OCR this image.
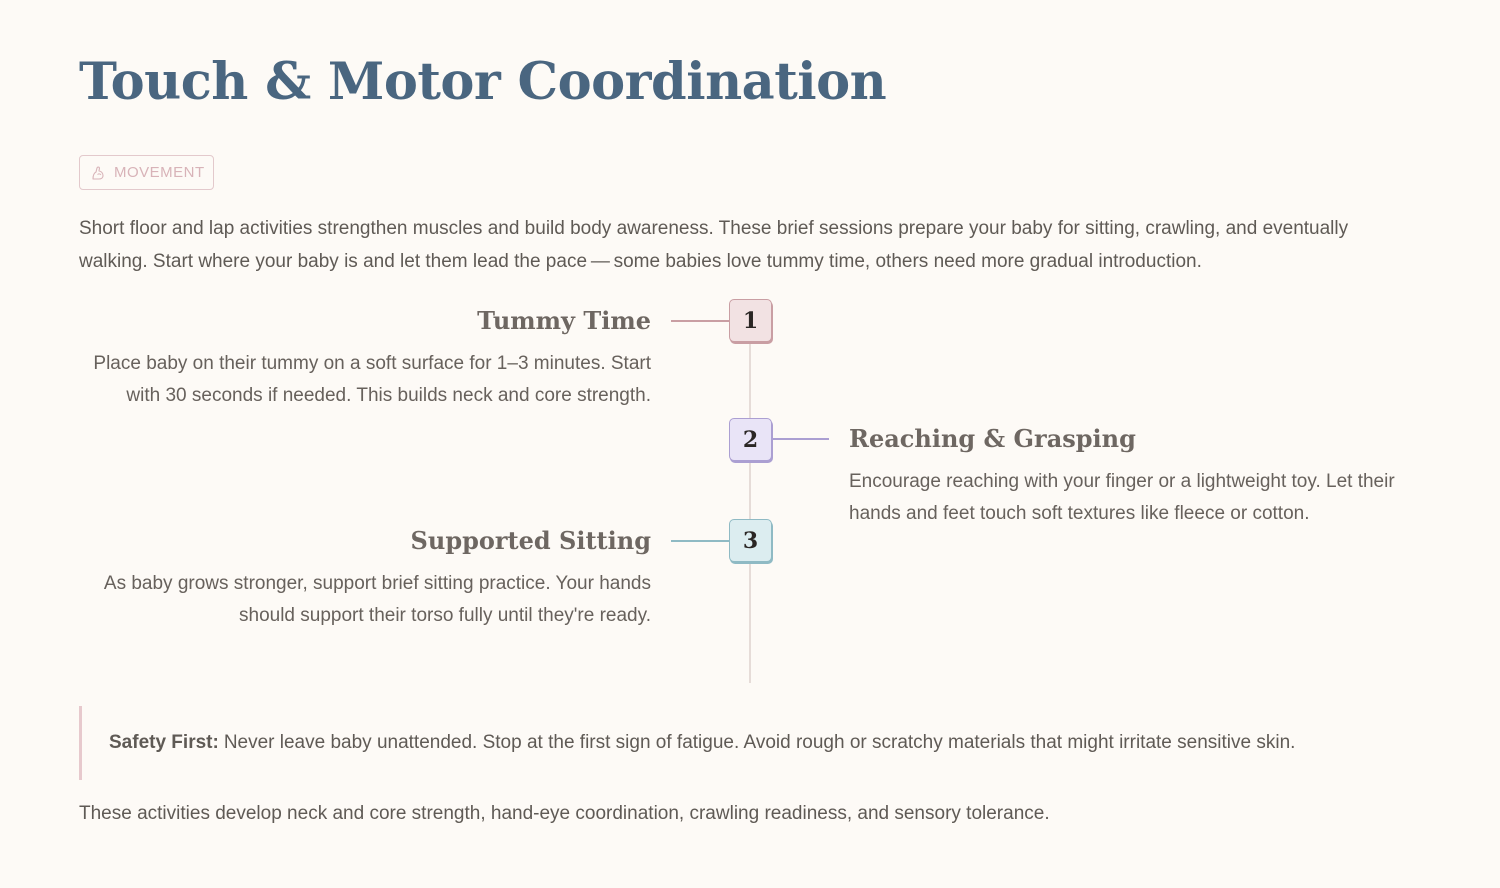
Touch & Motor Coordination
MOVEMENT

Short floor and lap activities strengthen muscles and build body awareness. These brief sessions prepare your baby for sitting, crawling, and eventually walking. Start where your baby is and let them lead the pace — some babies love tummy time, others need more gradual introduction.

1
Tummy Time

Place baby on their tummy on a soft surface for 1–3 minutes. Start with 30 seconds if needed. This builds neck and core strength.

2	Reaching & Grasping

Encourage reaching with your finger or a lightweight toy. Let their hands and feet touch soft textures like fleece or cotton.

3
Supported Sitting

As baby grows stronger, support brief sitting practice. Your hands should support their torso fully until they're ready.

Safety First: Never leave baby unattended. Stop at the first sign of fatigue. Avoid rough or scratchy materials that might irritate sensitive skin.

These activities develop neck and core strength, hand-eye coordination, crawling readiness, and sensory tolerance.
